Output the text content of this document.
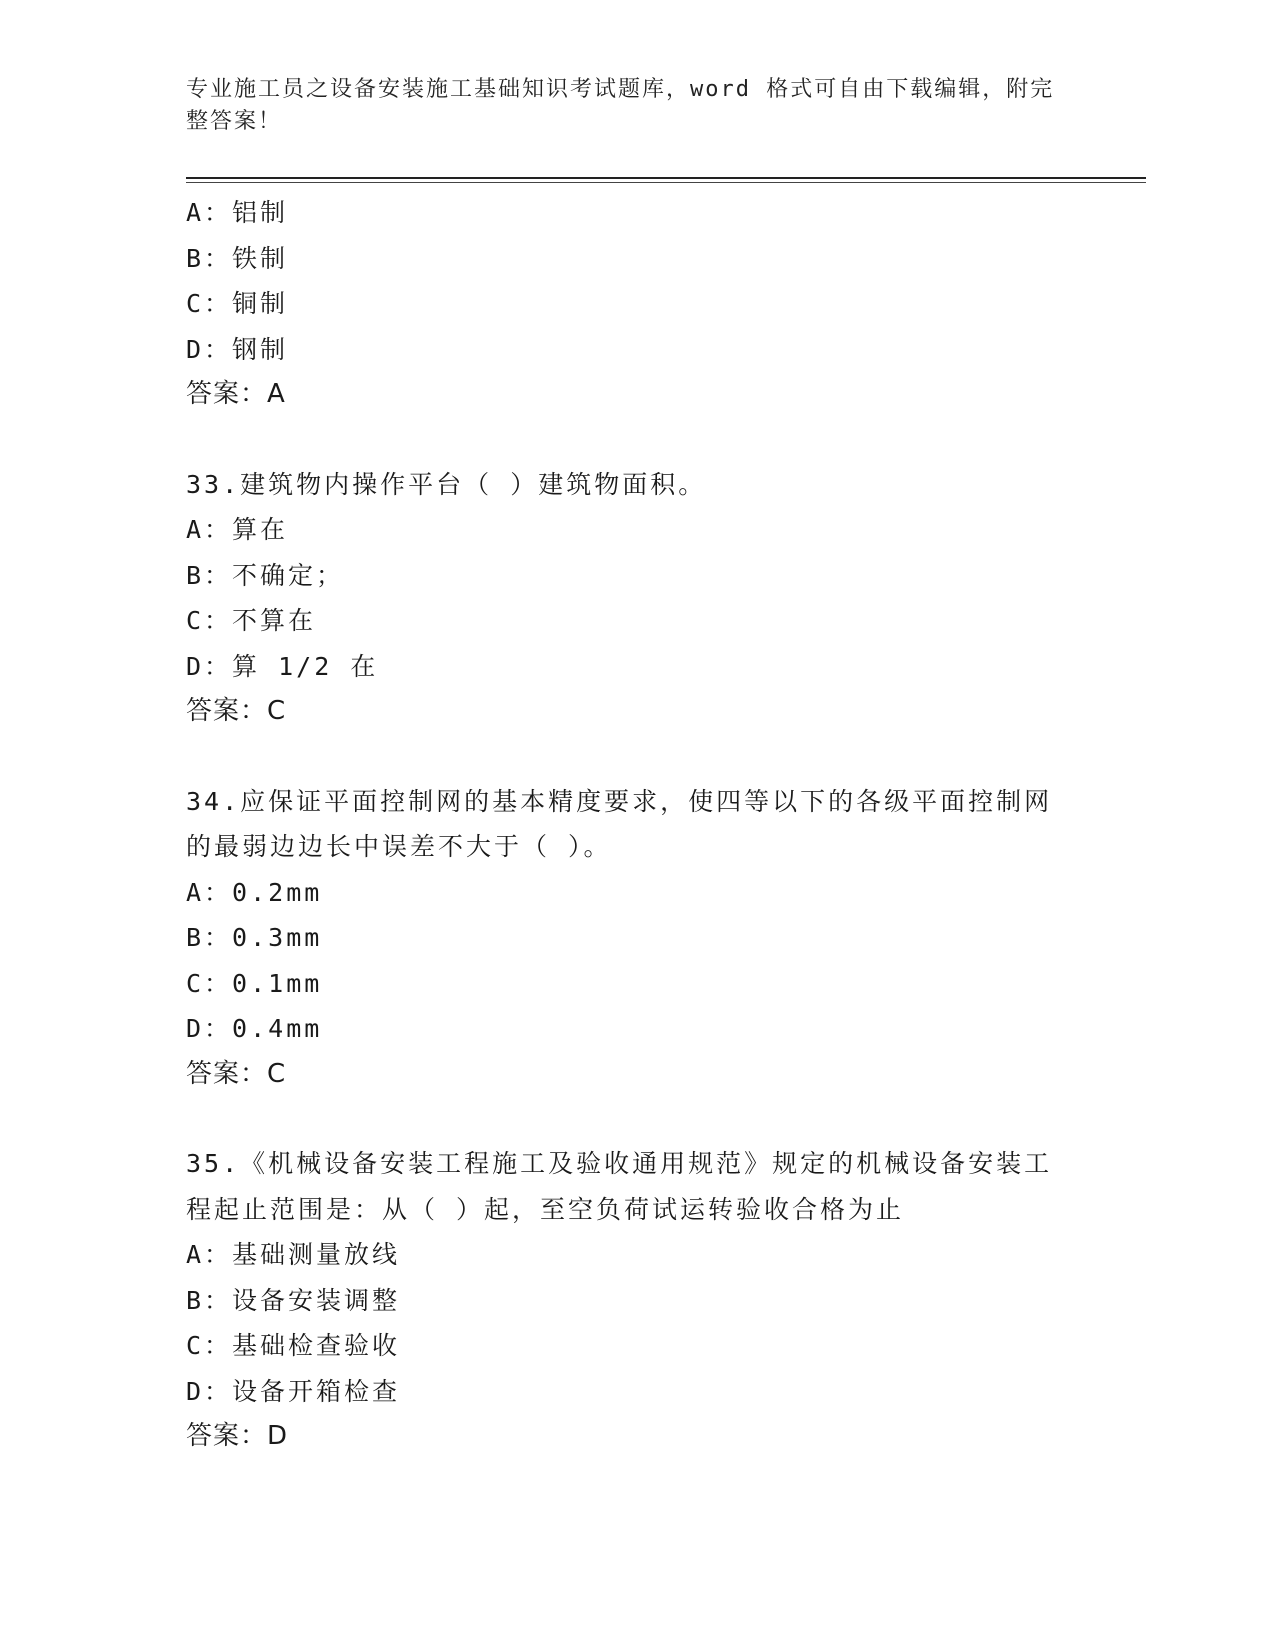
专业施工员之设备安装施工基础知识考试题库，word 格式可自由下载编辑，附完
整答案！
A：铝制
B：铁制
C：铜制
D：钢制
答案：A
33.建筑物内操作平台（ ）建筑物面积。
A：算在
B：不确定；
C：不算在
D：算 1/2 在
答案：C
34.应保证平面控制网的基本精度要求，使四等以下的各级平面控制网
的最弱边边长中误差不大于（ ）。
A：0.2mm
B：0.3mm
C：0.1mm
D：0.4mm
答案：C
35.《机械设备安装工程施工及验收通用规范》规定的机械设备安装工
程起止范围是：从（ ）起，至空负荷试运转验收合格为止
A：基础测量放线
B：设备安装调整
C：基础检查验收
D：设备开箱检查
答案：D
